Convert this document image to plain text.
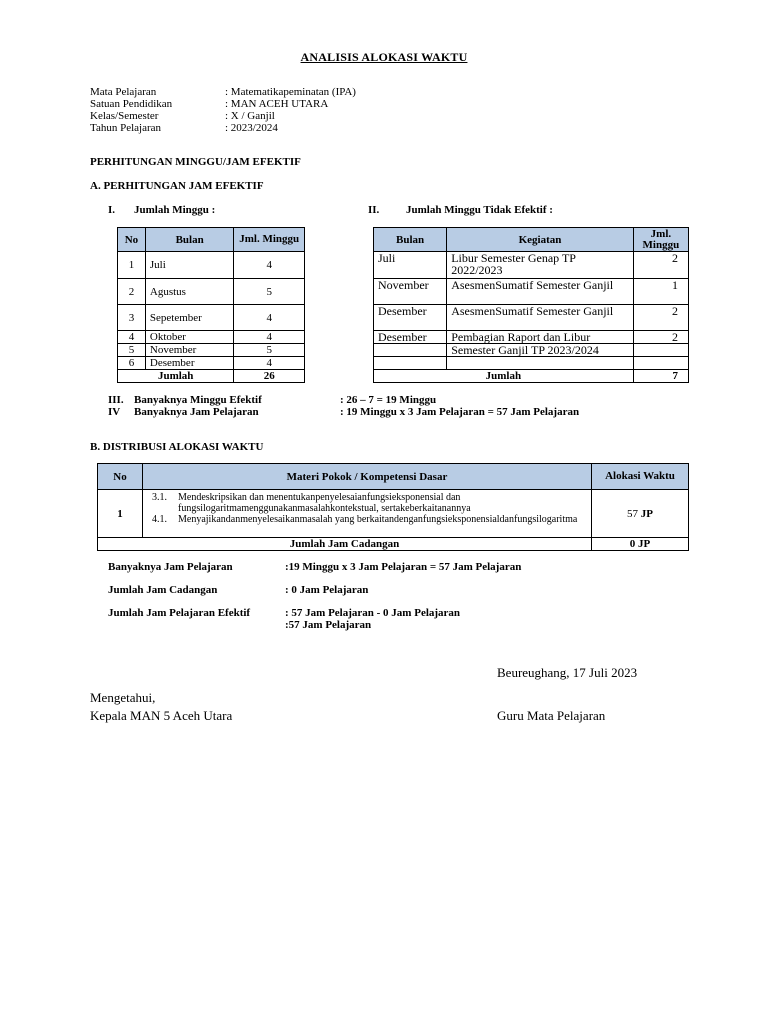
ANALISIS ALOKASI WAKTU
Mata Pelajaran	: Matematikapeminatan (IPA)
Satuan Pendidikan	: MAN ACEH UTARA
Kelas/Semester	: X / Ganjil
Tahun Pelajaran	: 2023/2024
PERHITUNGAN MINGGU/JAM EFEKTIF
A. PERHITUNGAN JAM EFEKTIF
I. Jumlah Minggu :	II. Jumlah Minggu Tidak Efektif :
No	Bulan	Jml. Minggu
1	Juli	4
2	Agustus	5
3	Sepetember	4
4	Oktober	4
5	November	5
6	Desember	4
Jumlah		26
Bulan	Kegiatan	Jml. Minggu
Juli	Libur Semester Genap TP 2022/2023	2
November	AsesmenSumatif Semester Ganjil	1
Desember	AsesmenSumatif Semester Ganjil	2
Desember	Pembagian Raport dan Libur	2
	Semester Ganjil TP 2023/2024	

Jumlah		7
III. Banyaknya Minggu Efektif	: 26 – 7 = 19 Minggu
IV	Banyaknya Jam Pelajaran	: 19 Minggu x 3 Jam Pelajaran = 57 Jam Pelajaran
B. DISTRIBUSI ALOKASI WAKTU
No	Materi Pokok / Kompetensi Dasar	Alokasi Waktu
1	3.1. Mendeskripsikan dan menentukanpenyelesaianfungsieksponensial dan fungsilogaritmamenggunakanmasalahkontekstual, sertakeberkaitanannya
4.1. Menyajikandanmenyelesaikanmasalah yang berkaitandenganfungsieksponensialdanfungsilogaritma	57 JP
Jumlah Jam Cadangan		0 JP
Banyaknya Jam Pelajaran	:19 Minggu x 3 Jam Pelajaran = 57 Jam Pelajaran
Jumlah Jam Cadangan	: 0 Jam Pelajaran
Jumlah Jam Pelajaran Efektif	: 57 Jam Pelajaran - 0 Jam Pelajaran
:57 Jam Pelajaran
Beureughang, 17 Juli 2023
Mengetahui,
Kepala MAN 5 Aceh Utara	Guru Mata Pelajaran
